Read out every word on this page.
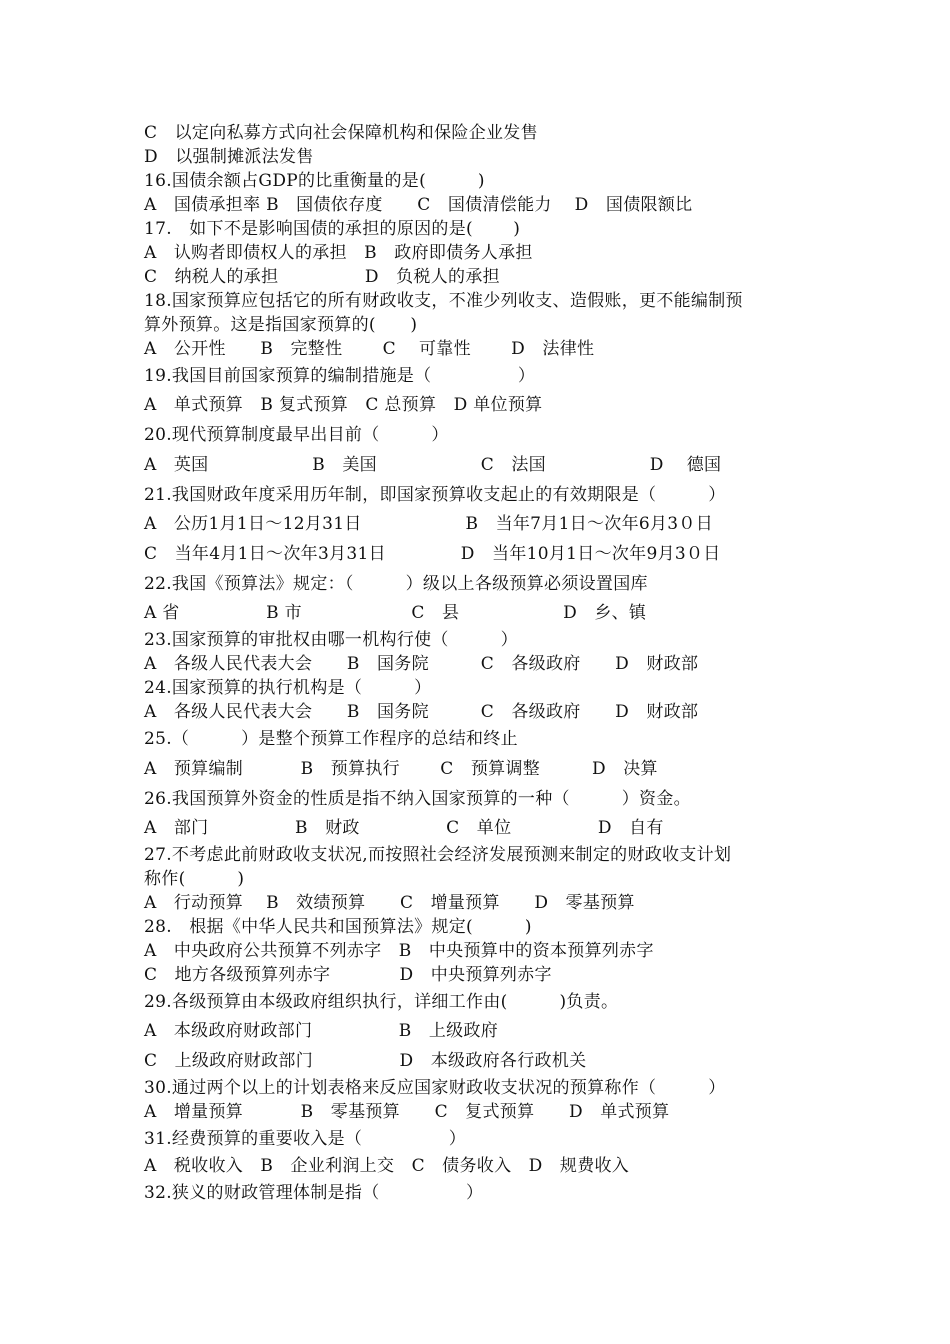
C　以定向私募方式向社会保障机构和保险企业发售
D　以强制摊派法发售
16.国债余额占GDP的比重衡量的是(　　　)
A　国债承担率 B　国债依存度　　C　国债清偿能力　 D　国债限额比
17.　如下不是影响国债的承担的原因的是(　　 )
A　认购者即债权人的承担　B　政府即债务人承担
C　纳税人的承担　　　　　D　负税人的承担
18.国家预算应包括它的所有财政收支，不准少列收支、造假账，更不能编制预
算外预算。这是指国家预算的(　　)
A　公开性　　B　完整性　　 C　 可靠性　　 D　法律性
19.我国目前国家预算的编制措施是（　　　　　）
A　单式预算　B 复式预算　C 总预算　D 单位预算
20.现代预算制度最早出目前（　　　）
A　英国　　　　　　B　美国　　　　　　C　法国　　　　　　D　 德国
21.我国财政年度采用历年制，即国家预算收支起止的有效期限是（　　　）
A　公历1月1日～12月31日　　　　　　B　当年7月1日～次年6月3０日
C　当年4月1日～次年3月31日　　　　 D　当年10月1日～次年9月3０日
22.我国《预算法》规定：（　　　）级以上各级预算必须设置国库
A 省　　　　　B 市　　　　　　 C　县　　　　　　D　乡、镇
23.国家预算的审批权由哪一机构行使（　　　）
A　各级人民代表大会　　B　国务院　　　C　各级政府　　D　财政部
24.国家预算的执行机构是（　　　）
A　各级人民代表大会　　B　国务院　　　C　各级政府　　D　财政部
25.（　　　）是整个预算工作程序的总结和终止
A　预算编制　　　 B　预算执行　　 C　预算调整　　　D　决算
26.我国预算外资金的性质是指不纳入国家预算的一种（　　　）资金。
A　部门　　　　　B　财政　　　　　C　单位　　　　　D　自有
27.不考虑此前财政收支状况,而按照社会经济发展预测来制定的财政收支计划
称作(　　　)
A　行动预算　 B　效绩预算　　C　增量预算　　D　零基预算
28.　根据《中华人民共和国预算法》规定(　　　)
A　中央政府公共预算不列赤字　B　中央预算中的资本预算列赤字
C　地方各级预算列赤字　　　　D　中央预算列赤字
29.各级预算由本级政府组织执行，详细工作由(　　　)负责。
A　本级政府财政部门　　　　　B　上级政府
C　上级政府财政部门　　　　　D　本级政府各行政机关
30.通过两个以上的计划表格来反应国家财政收支状况的预算称作（　　　）
A　增量预算　　　 B　零基预算　　C　复式预算　　D　单式预算
31.经费预算的重要收入是（　　　　　）
A　税收收入　B　企业利润上交　C　债务收入　D　规费收入
32.狭义的财政管理体制是指（　　　　　）
